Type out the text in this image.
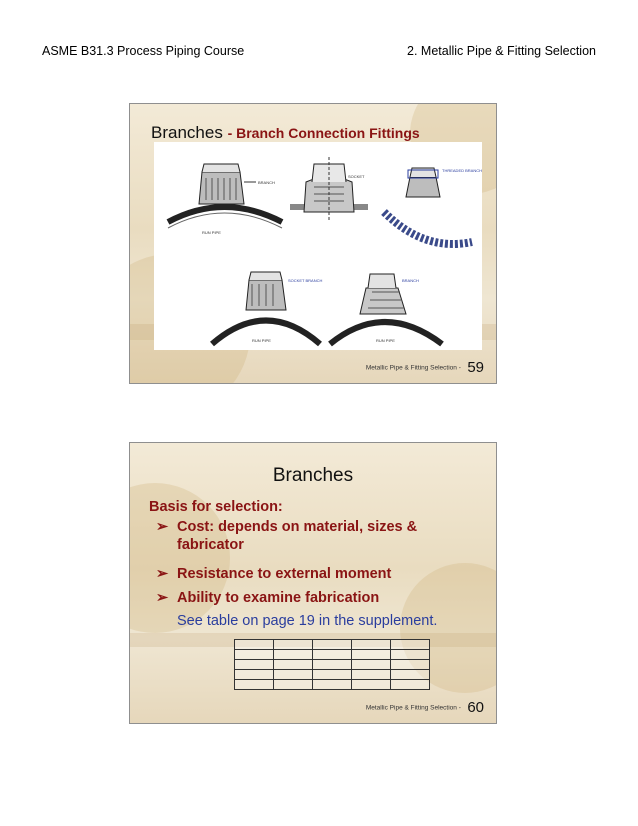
ASME B31.3 Process Piping Course	2. Metallic Pipe & Fitting Selection
Branches - Branch Connection Fittings
BRANCH
RUN PIPE
SOCKET
THREADED BRANCH
SOCKET BRANCH
RUN PIPE
BRANCH
RUN PIPE
Metallic Pipe & Fitting Selection - 59
Branches
Basis for selection:
➢ Cost: depends on material, sizes & fabricator
➢ Resistance to external moment
➢ Ability to examine fabrication
See table on page 19 in the supplement.

Metallic Pipe & Fitting Selection - 60
